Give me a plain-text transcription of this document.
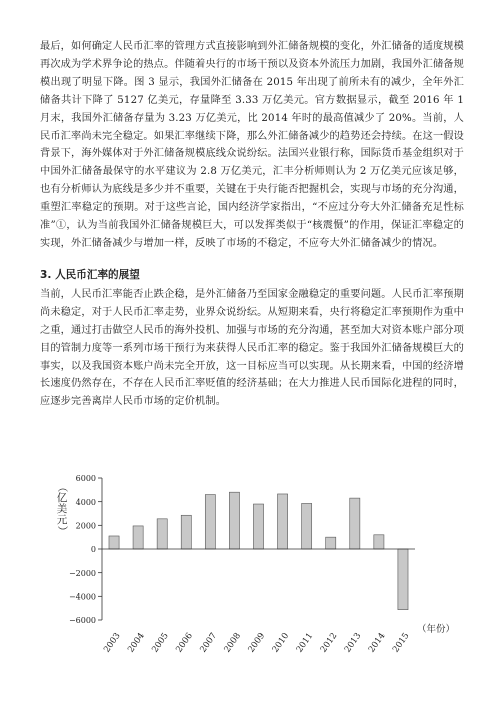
最后，如何确定人民币汇率的管理方式直接影响到外汇储备规模的变化，外汇储备的适度规模再次成为学术界争论的热点。伴随着央行的市场干预以及资本外流压力加剧，我国外汇储备规模出现了明显下降。图 3 显示，我国外汇储备在 2015 年出现了前所未有的减少，全年外汇储备共计下降了 5127 亿美元，存量降至 3.33 万亿美元。官方数据显示，截至 2016 年 1 月末，我国外汇储备存量为 3.23 万亿美元，比 2014 年时的最高值减少了 20%。当前，人民币汇率尚未完全稳定。如果汇率继续下降，那么外汇储备减少的趋势还会持续。在这一假设背景下，海外媒体对于外汇储备规模底线众说纷纭。法国兴业银行称，国际货币基金组织对于中国外汇储备最保守的水平建议为 2.8 万亿美元，汇丰分析师则认为 2 万亿美元应该足够，也有分析师认为底线是多少并不重要，关键在于央行能否把握机会，实现与市场的充分沟通，重塑汇率稳定的预期。对于这些言论，国内经济学家指出，“不应过分夸大外汇储备充足性标准”①，认为当前我国外汇储备规模巨大，可以发挥类似于“核震慑”的作用，保证汇率稳定的实现，外汇储备减少与增加一样，反映了市场的不稳定，不应夸大外汇储备减少的情况。

3. 人民币汇率的展望

当前，人民币汇率能否止跌企稳，是外汇储备乃至国家金融稳定的重要问题。人民币汇率预期尚未稳定，对于人民币汇率走势，业界众说纷纭。从短期来看，央行将稳定汇率预期作为重中之重，通过打击做空人民币的海外投机、加强与市场的充分沟通，甚至加大对资本账户部分项目的管制力度等一系列市场干预行为来获得人民币汇率的稳定。鉴于我国外汇储备规模巨大的事实，以及我国资本账户尚未完全开放，这一目标应当可以实现。从长期来看，中国的经济增长速度仍然存在，不存在人民币汇率贬值的经济基础；在大力推进人民币国际化进程的同时，应逐步完善离岸人民币市场的定价机制。

（
亿
美
元
）
6000
4000
2000
0
−2000
−4000
−6000
2003 2004 2005 2006 2007 2008 2009 2010 2011 2012 2013 2014 2015
（年份）
